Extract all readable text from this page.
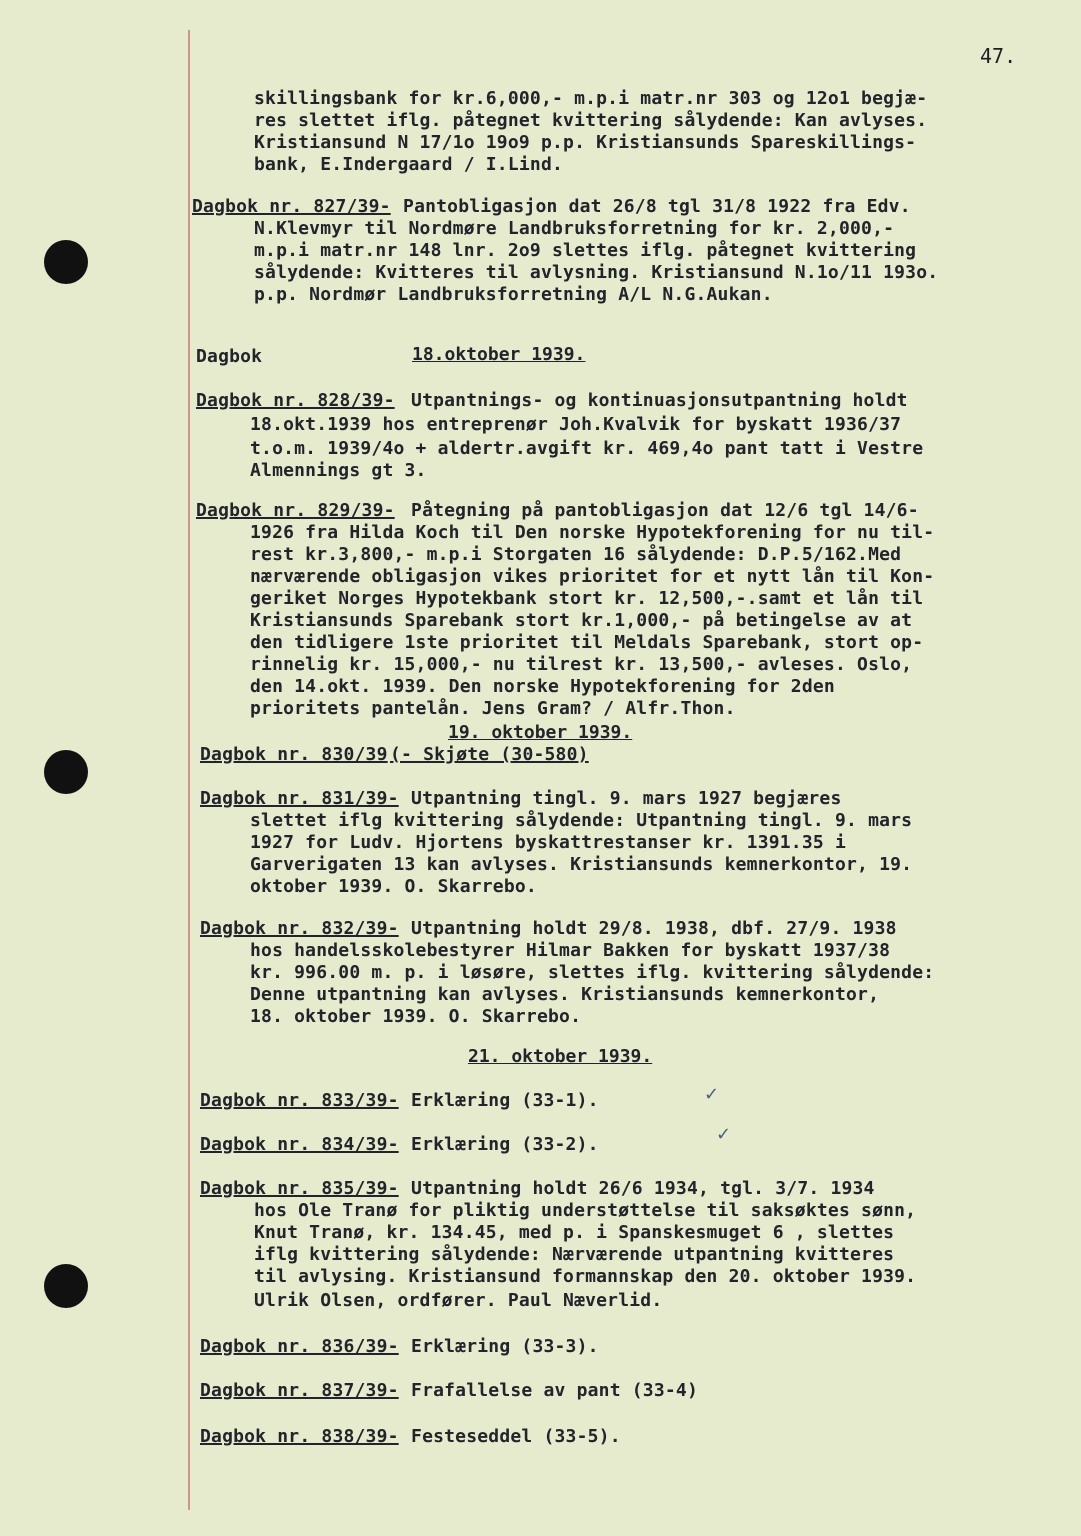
47.
skillingsbank for kr.6,000,- m.p.i matr.nr 303 og 12o1 begjæ-
res slettet iflg. påtegnet kvittering sålydende: Kan avlyses.
Kristiansund N 17/1o 19o9 p.p. Kristiansunds Spareskillings-
bank, E.Indergaard / I.Lind.
Dagbok nr. 827/39- Pantobligasjon dat 26/8 tgl 31/8 1922 fra Edv.
N.Klevmyr til Nordmøre Landbruksforretning for kr. 2,000,-
m.p.i matr.nr 148 lnr. 2o9 slettes iflg. påtegnet kvittering
sålydende: Kvitteres til avlysning. Kristiansund N.1o/11 193o.
p.p. Nordmør Landbruksforretning A/L N.G.Aukan.
Dagbok	18.oktober 1939.
Dagbok nr. 828/39- Utpantnings- og kontinuasjonsutpantning holdt
18.okt.1939 hos entreprenør Joh.Kvalvik for byskatt 1936/37
t.o.m. 1939/4o + aldertr.avgift kr. 469,4o pant tatt i Vestre
Almennings gt 3.
Dagbok nr. 829/39- Påtegning på pantobligasjon dat 12/6 tgl 14/6-
1926 fra Hilda Koch til Den norske Hypotekforening for nu til-
rest kr.3,800,- m.p.i Storgaten 16 sålydende: D.P.5/162.Med
nærværende obligasjon vikes prioritet for et nytt lån til Kon-
geriket Norges Hypotekbank stort kr. 12,500,-.samt et lån til
Kristiansunds Sparebank stort kr.1,000,- på betingelse av at
den tidligere 1ste prioritet til Meldals Sparebank, stort op-
rinnelig kr. 15,000,- nu tilrest kr. 13,500,- avleses. Oslo,
den 14.okt. 1939. Den norske Hypotekforening for 2den
prioritets pantelån. Jens Gram? / Alfr.Thon.
19. oktober 1939.
Dagbok nr. 830/39 (- Skjøte (30-580)
Dagbok nr. 831/39- Utpantning tingl. 9. mars 1927 begjæres
slettet iflg kvittering sålydende: Utpantning tingl. 9. mars
1927 for Ludv. Hjortens byskattrestanser kr. 1391.35 i
Garverigaten 13 kan avlyses. Kristiansunds kemnerkontor, 19.
oktober 1939. O. Skarrebo.
Dagbok nr. 832/39- Utpantning holdt 29/8. 1938, dbf. 27/9. 1938
hos handelsskolebestyrer Hilmar Bakken for byskatt 1937/38
kr. 996.00 m. p. i løsøre, slettes iflg. kvittering sålydende:
Denne utpantning kan avlyses. Kristiansunds kemnerkontor,
18. oktober 1939. O. Skarrebo.
21. oktober 1939.
Dagbok nr. 833/39- Erklæring (33-1).	✓
Dagbok nr. 834/39- Erklæring (33-2).	✓
Dagbok nr. 835/39- Utpantning holdt 26/6 1934, tgl. 3/7. 1934
hos Ole Tranø for pliktig understøttelse til saksøktes sønn,
Knut Tranø, kr. 134.45, med p. i Spanskesmuget 6 , slettes
iflg kvittering sålydende: Nærværende utpantning kvitteres
til avlysing. Kristiansund formannskap den 20. oktober 1939.
Ulrik Olsen, ordfører. Paul Næverlid.
Dagbok nr. 836/39- Erklæring (33-3).
Dagbok nr. 837/39- Frafallelse av pant (33-4)
Dagbok nr. 838/39- Festeseddel (33-5).
